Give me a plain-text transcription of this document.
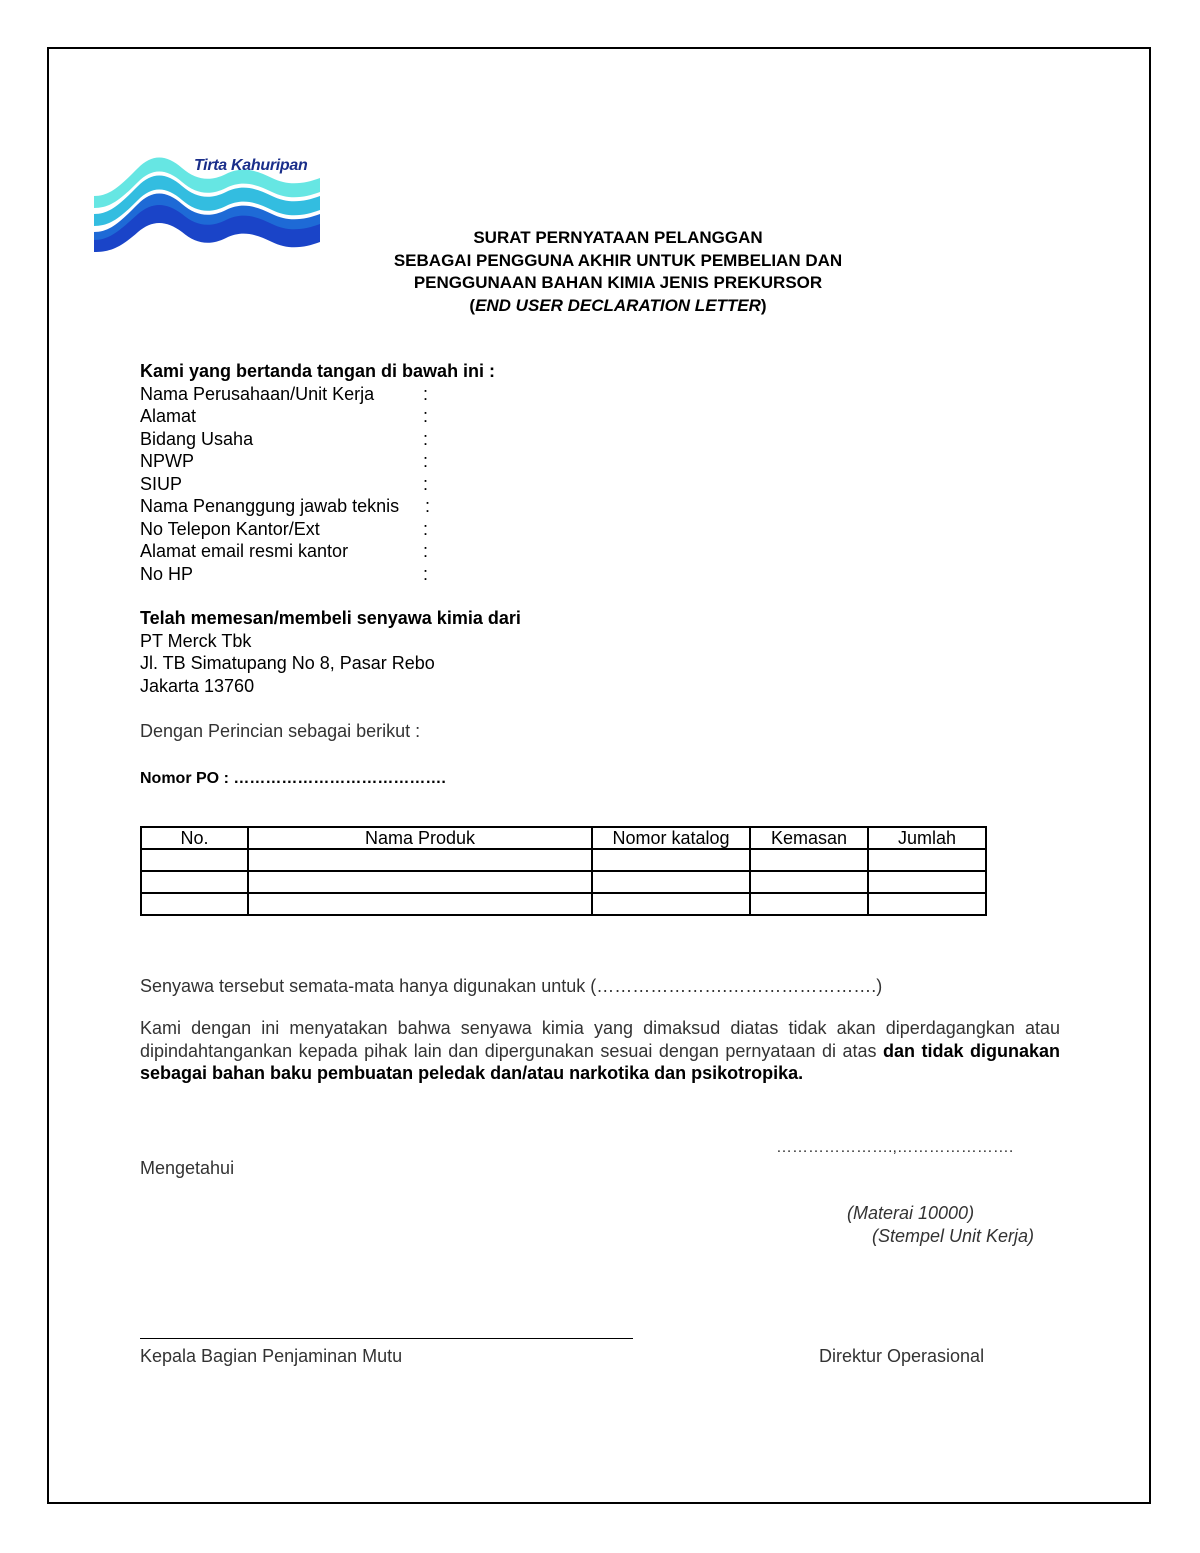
Tirta Kahuripan
SURAT PERNYATAAN PELANGGAN
SEBAGAI PENGGUNA AKHIR UNTUK PEMBELIAN DAN
PENGGUNAAN BAHAN KIMIA JENIS PREKURSOR
(END USER DECLARATION LETTER)
Kami yang bertanda tangan di bawah ini :
Nama Perusahaan/Unit Kerja	:
Alamat	:
Bidang Usaha	:
NPWP	:
SIUP	:
Nama Penanggung jawab teknis :
No Telepon Kantor/Ext	:
Alamat email resmi kantor	:
No HP	:
Telah memesan/membeli senyawa kimia dari
PT Merck Tbk
Jl. TB Simatupang No 8, Pasar Rebo
Jakarta 13760
Dengan Perincian sebagai berikut :
Nomor PO : ………………………………….
No.	Nama Produk	Nomor katalog	Kemasan	Jumlah

Senyawa tersebut semata-mata hanya digunakan untuk (………………….…………………….)
Kami dengan ini menyatakan bahwa senyawa kimia yang dimaksud diatas tidak akan diperdagangkan atau dipindahtangankan kepada pihak lain dan dipergunakan sesuai dengan pernyataan di atas dan tidak digunakan sebagai bahan baku pembuatan peledak dan/atau narkotika dan psikotropika.
………………….,………………….
Mengetahui
(Materai 10000)
(Stempel Unit Kerja)
Kepala Bagian Penjaminan Mutu	Direktur Operasional
